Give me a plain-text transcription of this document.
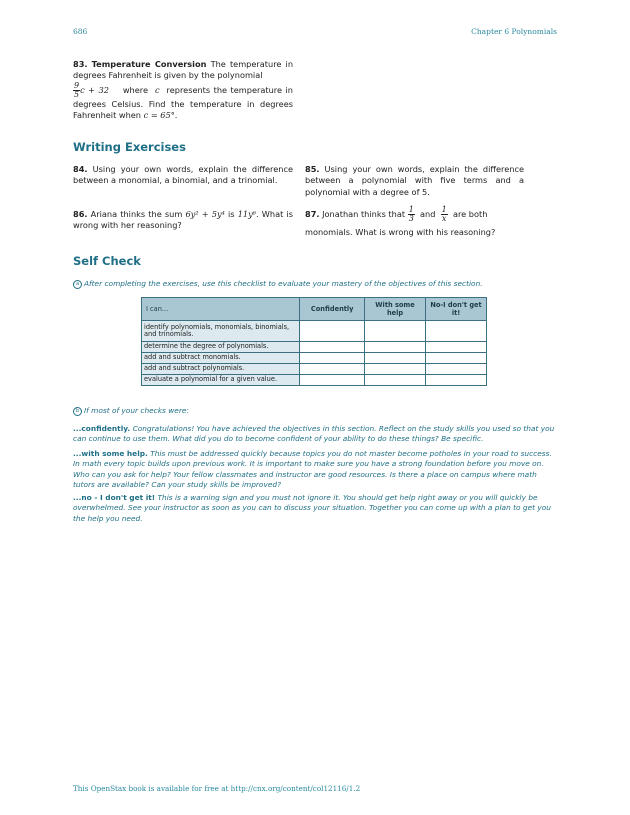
686	Chapter 6 Polynomials
83. Temperature Conversion The temperature in degrees Fahrenheit is given by the polynomial

$\frac{9}{5}$ c + 32 where c represents the temperature in degrees Celsius. Find the temperature in degrees Fahrenheit when c = 65°.
Writing Exercises
84. Using your own words, explain the difference between a monomial, a binomial, and a trinomial.
85. Using your own words, explain the difference between a polynomial with five terms and a polynomial with a degree of 5.
86. Ariana thinks the sum 6y² + 5y⁴ is 11y⁶. What is wrong with her reasoning?
87. Jonathan thinks that $\frac{1}{3}$ and $\frac{1}{x}$ are both
monomials. What is wrong with his reasoning?
Self Check
a After completing the exercises, use this checklist to evaluate your mastery of the objectives of this section.
I can...	Confidently	With some help	No-I don't get it!
identify polynomials, monomials, binomials, and trinomials.			
determine the degree of polynomials.			
add and subtract monomials.			
add and subtract polynomials.			
evaluate a polynomial for a given value.			
b If most of your checks were:
...confidently. Congratulations! You have achieved the objectives in this section. Reflect on the study skills you used so that you can continue to use them. What did you do to become confident of your ability to do these things? Be specific.
...with some help. This must be addressed quickly because topics you do not master become potholes in your road to success. In math every topic builds upon previous work. It is important to make sure you have a strong foundation before you move on. Who can you ask for help? Your fellow classmates and instructor are good resources. Is there a place on campus where math tutors are available? Can your study skills be improved?
...no - I don't get it! This is a warning sign and you must not ignore it. You should get help right away or you will quickly be overwhelmed. See your instructor as soon as you can to discuss your situation. Together you can come up with a plan to get you the help you need.
This OpenStax book is available for free at http://cnx.org/content/col12116/1.2
